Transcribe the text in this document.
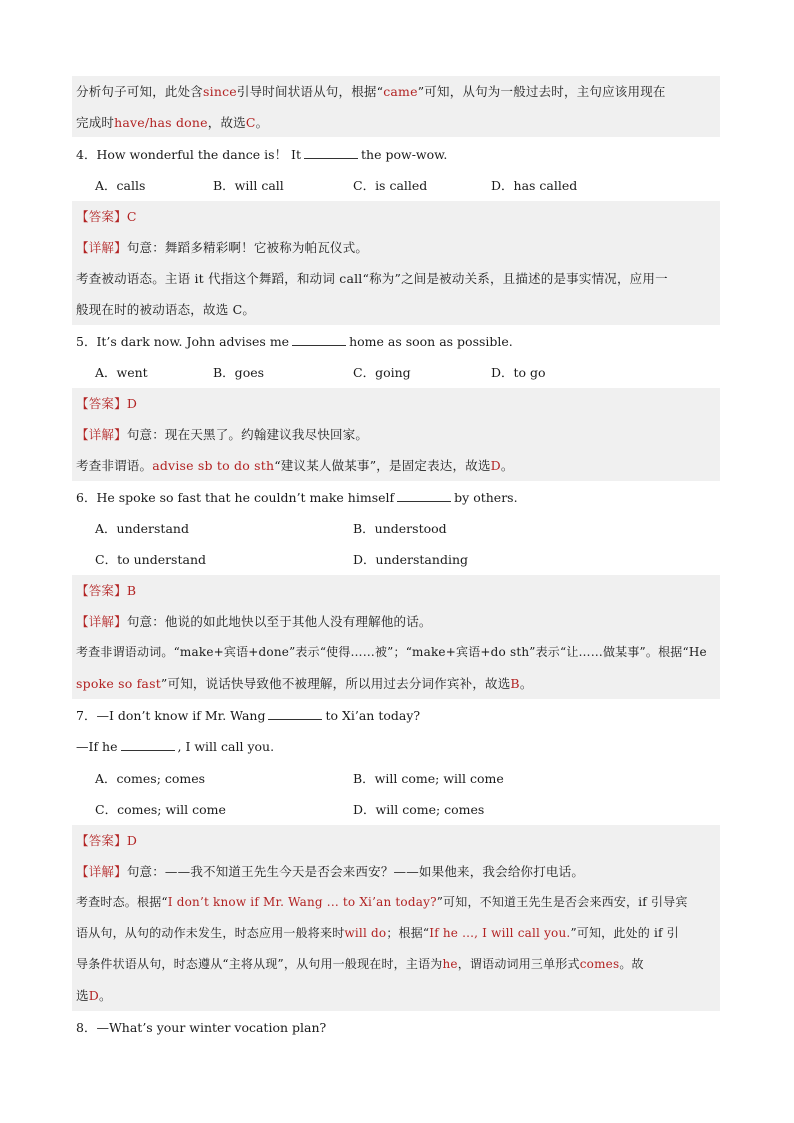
分析句子可知，此处含since引导时间状语从句，根据“came”可知，从句为一般过去时，主句应该用现在
完成时have/has done，故选C。
4．How wonderful the dance is！ It	the pow-wow.
A．calls	B．will call	C．is called	D．has called
【答案】C
【详解】句意：舞蹈多精彩啊！它被称为帕瓦仪式。
考查被动语态。主语 it 代指这个舞蹈，和动词 call“称为”之间是被动关系，且描述的是事实情况，应用一
般现在时的被动语态，故选 C。
5．It’s dark now. John advises me	home as soon as possible.
A．went	B．goes	C．going	D．to go
【答案】D
【详解】句意：现在天黑了。约翰建议我尽快回家。
考查非谓语。advise sb to do sth“建议某人做某事”，是固定表达，故选D。
6．He spoke so fast that he couldn’t make himself	by others.
A．understand	B．understood
C．to understand	D．understanding
【答案】B
【详解】句意：他说的如此地快以至于其他人没有理解他的话。
考查非谓语动词。“make+宾语+done”表示“使得……被”；“make+宾语+do sth”表示“让……做某事”。根据“He
spoke so fast”可知，说话快导致他不被理解，所以用过去分词作宾补，故选B。
7．—I don’t know if Mr. Wang	to Xi’an today?
—If he	, I will call you.
A．comes; comes	B．will come; will come
C．comes; will come	D．will come; comes
【答案】D
【详解】句意：——我不知道王先生今天是否会来西安？——如果他来，我会给你打电话。
考查时态。根据“I don’t know if Mr. Wang ... to Xi’an today?”可知，不知道王先生是否会来西安，if 引导宾
语从句，从句的动作未发生，时态应用一般将来时will do；根据“If he ..., I will call you.”可知，此处的 if 引
导条件状语从句，时态遵从“主将从现”，从句用一般现在时，主语为he，谓语动词用三单形式comes。故
选D。
8．—What’s your winter vocation plan?
